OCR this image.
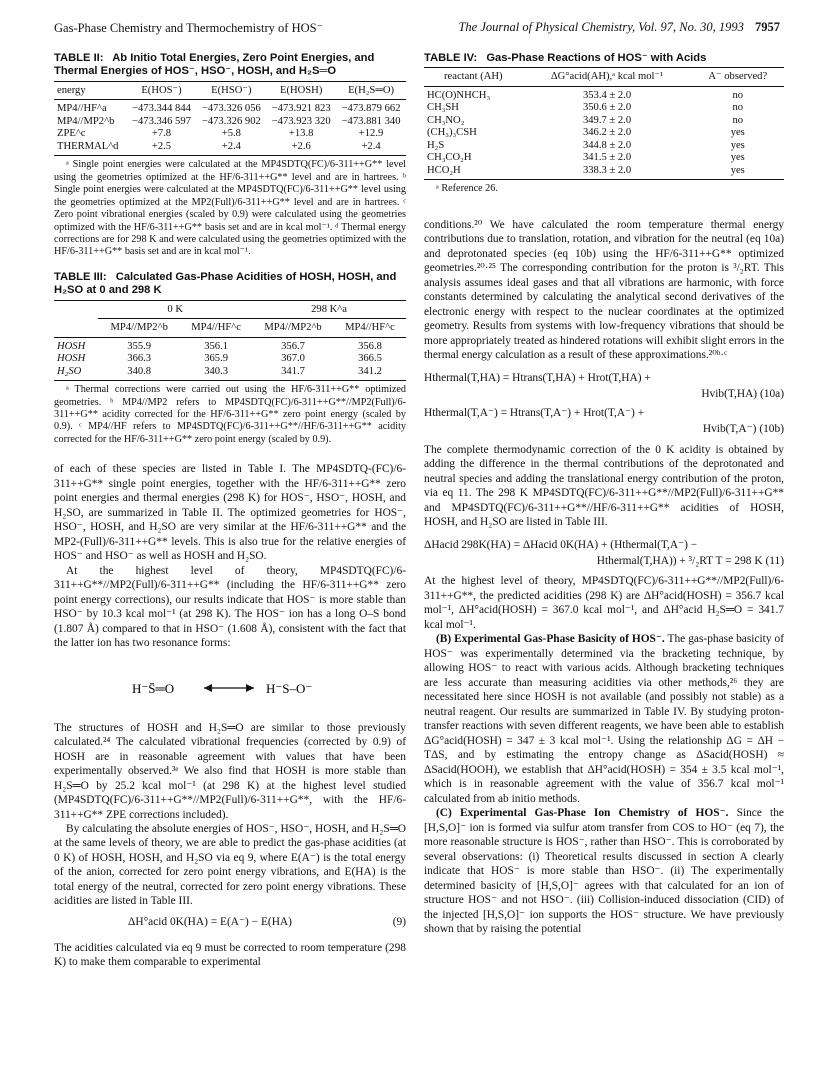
Gas-Phase Chemistry and Thermochemistry of HOS⁻	The Journal of Physical Chemistry, Vol. 97, No. 30, 1993 7957
TABLE II: Ab Initio Total Energies, Zero Point Energies, and Thermal Energies of HOS⁻, HSO⁻, HOSH, and H₂S═O
energy	E(HOS⁻)	E(HSO⁻)	E(HOSH)	E(H₂S═O)
MP4//HF^a	−473.344 844	−473.326 056	−473.921 823	−473.879 662
MP4//MP2^b	−473.346 597	−473.326 902	−473.923 320	−473.881 340
ZPE^c	+7.8	+5.8	+13.8	+12.9
THERMAL^d	+2.5	+2.4	+2.6	+2.4

ᵃ Single point energies were calculated at the MP4SDTQ(FC)/6-311++G** level using the geometries optimized at the HF/6-311++G** level and are in hartrees. ᵇ Single point energies were calculated at the MP4SDTQ(FC)/6-311++G** level using the geometries optimized at the MP2(Full)/6-311++G** level and are in hartrees. ᶜ Zero point vibrational energies (scaled by 0.9) were calculated using the geometries optimized with the HF/6-311++G** basis set and are in kcal mol⁻¹. ᵈ Thermal energy corrections are for 298 K and were calculated using the geometries optimized with the HF/6-311++G** basis set and are in kcal mol⁻¹.

TABLE III: Calculated Gas-Phase Acidities of HOSH, HOSH, and H₂SO at 0 and 298 K
	0 K		298 K^a	
	MP4//MP2^b	MP4//HF^c	MP4//MP2^b	MP4//HF^c
HOSH	355.9	356.1	356.7	356.8
HOSH	366.3	365.9	367.0	366.5
H₂SO	340.8	340.3	341.7	341.2

ᵃ Thermal corrections were carried out using the HF/6-311++G** optimized geometries. ᵇ MP4//MP2 refers to MP4SDTQ(FC)/6-311++G**//MP2(Full)/6-311++G** acidity corrected for the HF/6-311++G** zero point energy (scaled by 0.9). ᶜ MP4//HF refers to MP4SDTQ(FC)/6-311++G**//HF/6-311++G** acidity corrected for the HF/6-311++G** zero point energy (scaled by 0.9).

of each of these species are listed in Table I. The MP4SDTQ-(FC)/6-311++G** single point energies, together with the HF/6-311++G** zero point energies and thermal energies (298 K) for HOS⁻, HSO⁻, HOSH, and H₂SO, are summarized in Table II. The optimized geometries for HOS⁻, HSO⁻, HOSH, and H₂SO are very similar at the HF/6-311++G** and the MP2-(Full)/6-311++G** levels. This is also true for the relative energies of HOS⁻ and HSO⁻ as well as HOSH and H₂SO.

At the highest level of theory, MP4SDTQ(FC)/6-311++G**//MP2(Full)/6-311++G** (including the HF/6-311++G** zero point energy corrections), our results indicate that HOS⁻ is more stable than HSO⁻ by 10.3 kcal mol⁻¹ (at 298 K). The HOS⁻ ion has a long O–S bond (1.807 Å) compared to that in HSO⁻ (1.608 Å), consistent with the fact that the latter ion has two resonance forms:

H⁻S̄═O	H⁻S–O⁻

The structures of HOSH and H₂S═O are similar to those previously calculated.²⁴ The calculated vibrational frequencies (corrected by 0.9) of HOSH are in reasonable agreement with values that have been experimentally observed.³ᵉ We also find that HOSH is more stable than H₂S═O by 25.2 kcal mol⁻¹ (at 298 K) at the highest level studied (MP4SDTQ(FC)/6-311++G**//MP2(Full)/6-311++G**, with the HF/6-311++G** ZPE corrections included).

By calculating the absolute energies of HOS⁻, HSO⁻, HOSH, and H₂S═O at the same levels of theory, we are able to predict the gas-phase acidities (at 0 K) of HOSH, HOSH, and H₂SO via eq 9, where E(A⁻) is the total energy of the anion, corrected for zero point energy vibrations, and E(HA) is the total energy of the neutral, corrected for zero point energy vibrations. These acidities are listed in Table III.

ΔH°acid 0K(HA) = E(A⁻) − E(HA)	(9)

The acidities calculated via eq 9 must be corrected to room temperature (298 K) to make them comparable to experimental

TABLE IV: Gas-Phase Reactions of HOS⁻ with Acids
reactant (AH)	ΔG°acid(AH),ᵃ kcal mol⁻¹	A⁻ observed?
HC(O)NHCH₃	353.4 ± 2.0	no
CH₃SH	350.6 ± 2.0	no
CH₃NO₂	349.7 ± 2.0	no
(CH₃)₃CSH	346.2 ± 2.0	yes
H₂S	344.8 ± 2.0	yes
CH₃CO₂H	341.5 ± 2.0	yes
HCO₂H	338.3 ± 2.0	yes

ᵃ Reference 26.

conditions.²⁰ We have calculated the room temperature thermal energy contributions due to translation, rotation, and vibration for the neutral (eq 10a) and deprotonated species (eq 10b) using the HF/6-311++G** optimized geometries.²⁰·²⁵ The corresponding contribution for the proton is ³/₂RT. This analysis assumes ideal gases and that all vibrations are harmonic, with force constants determined by calculating the analytical second derivatives of the electronic energy with respect to the nuclear coordinates at the optimized geometry. Results from systems with low-frequency vibrations that should be more appropriately treated as hindered rotations will exhibit slight errors in the thermal energy calculation as a result of these approximations.²⁰ᵇ·ᶜ

Hthermal(T,HA) = Htrans(T,HA) + Hrot(T,HA) +
Hvib(T,HA) (10a)
Hthermal(T,A⁻) = Htrans(T,A⁻) + Hrot(T,A⁻) +
Hvib(T,A⁻) (10b)

The complete thermodynamic correction of the 0 K acidity is obtained by adding the difference in the thermal contributions of the deprotonated and neutral species and adding the translational energy contribution of the proton, via eq 11. The 298 K MP4SDTQ(FC)/6-311++G**//MP2(Full)/6-311++G** and MP4SDTQ(FC)/6-311++G**//HF/6-311++G** acidities of HOSH, HOSH, and H₂SO are listed in Table III.

ΔHacid 298K(HA) = ΔHacid 0K(HA) + (Hthermal(T,A⁻) −
Hthermal(T,HA)) + ³/₂RT T = 298 K (11)

At the highest level of theory, MP4SDTQ(FC)/6-311++G**//MP2(Full)/6-311++G**, the predicted acidities (298 K) are ΔH°acid(HOSH) = 356.7 kcal mol⁻¹, ΔH°acid(HOSH) = 367.0 kcal mol⁻¹, and ΔH°acid H₂S═O = 341.7 kcal mol⁻¹.

(B) Experimental Gas-Phase Basicity of HOS⁻. The gas-phase basicity of HOS⁻ was experimentally determined via the bracketing technique, by allowing HOS⁻ to react with various acids. Although bracketing techniques are less accurate than measuring acidities via other methods,²⁶ they are necessitated here since HOSH is not available (and possibly not stable) as a neutral reagent. Our results are summarized in Table IV. By studying proton-transfer reactions with seven different reagents, we have been able to establish ΔG°acid(HOSH) = 347 ± 3 kcal mol⁻¹. Using the relationship ΔG = ΔH − TΔS, and by estimating the entropy change as ΔSacid(HOSH) ≈ ΔSacid(HOOH), we establish that ΔH°acid(HOSH) = 354 ± 3.5 kcal mol⁻¹, which is in reasonable agreement with the value of 356.7 kcal mol⁻¹ calculated from ab initio methods.

(C) Experimental Gas-Phase Ion Chemistry of HOS⁻. Since the [H,S,O]⁻ ion is formed via sulfur atom transfer from COS to HO⁻ (eq 7), the more reasonable structure is HOS⁻, rather than HSO⁻. This is corroborated by several observations: (i) Theoretical results discussed in section A clearly indicate that HOS⁻ is more stable than HSO⁻. (ii) The experimentally determined basicity of [H,S,O]⁻ agrees with that calculated for an ion of structure HOS⁻ and not HSO⁻. (iii) Collision-induced dissociation (CID) of the injected [H,S,O]⁻ ion supports the HOS⁻ structure. We have previously shown that by raising the potential
